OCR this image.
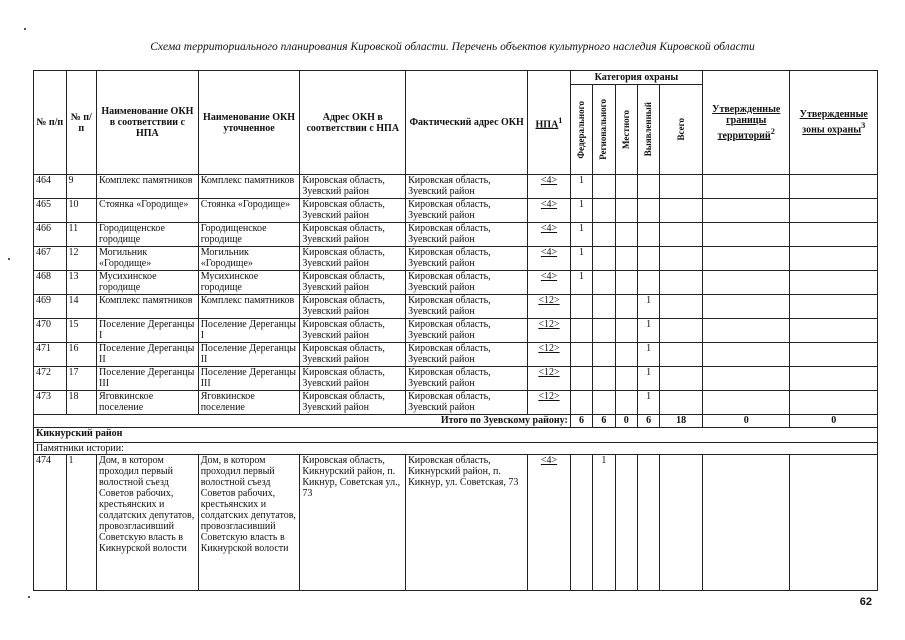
Схема территориального планирования Кировской области. Перечень объектов культурного наследия Кировской области
№ п/п	№ п/п	Наименование ОКН в соответствии с НПА	Наименование ОКН уточненное	Адрес ОКН в соответствии с НПА	Фактический адрес ОКН	НПА$^1$	Категория охраны					Утвержденные границы территорий$^2$	Утвержденные зоны охраны$^3$

							Федерального	Регионального	Местного	Выявленный	Всего		

464	9	Комплекс памятников	Комплекс памятников	Кировская область, Зуевский район	Кировская область, Зуевский район	<4>	1						
465	10	Стоянка «Городище»	Стоянка «Городище»	Кировская область, Зуевский район	Кировская область, Зуевский район	<4>	1						
466	11	Городищенское городище	Городищенское городище	Кировская область, Зуевский район	Кировская область, Зуевский район	<4>	1						
467	12	Могильник «Городище»	Могильник «Городище»	Кировская область, Зуевский район	Кировская область, Зуевский район	<4>	1						
468	13	Мусихинское городище	Мусихинское городище	Кировская область, Зуевский район	Кировская область, Зуевский район	<4>	1						
469	14	Комплекс памятников	Комплекс памятников	Кировская область, Зуевский район	Кировская область, Зуевский район	<12>				1			
470	15	Поселение Дереганцы I	Поселение Дереганцы I	Кировская область, Зуевский район	Кировская область, Зуевский район	<12>				1			
471	16	Поселение Дереганцы II	Поселение Дереганцы II	Кировская область, Зуевский район	Кировская область, Зуевский район	<12>				1			
472	17	Поселение Дереганцы III	Поселение Дереганцы III	Кировская область, Зуевский район	Кировская область, Зуевский район	<12>				1			
473	18	Яговкинское поселение	Яговкинское поселение	Кировская область, Зуевский район	Кировская область, Зуевский район	<12>				1			
Итого по Зуевскому району:							6	6	0	6	18	0	0
Кикнурский район													
Памятники истории:													
474	1	Дом, в котором проходил первый волостной съезд Советов рабочих, крестьянских и солдатских депутатов, провозгласивший Советскую власть в Кикнурской волости	Дом, в котором проходил первый волостной съезд Советов рабочих, крестьянских и солдатских депутатов, провозгласивший Советскую власть в Кикнурской волости	Кировская область, Кикнурский район, п. Кикнур, Советская ул., 73	Кировская область, Кикнурский район, п. Кикнур, ул. Советская, 73	<4>		1					
62
